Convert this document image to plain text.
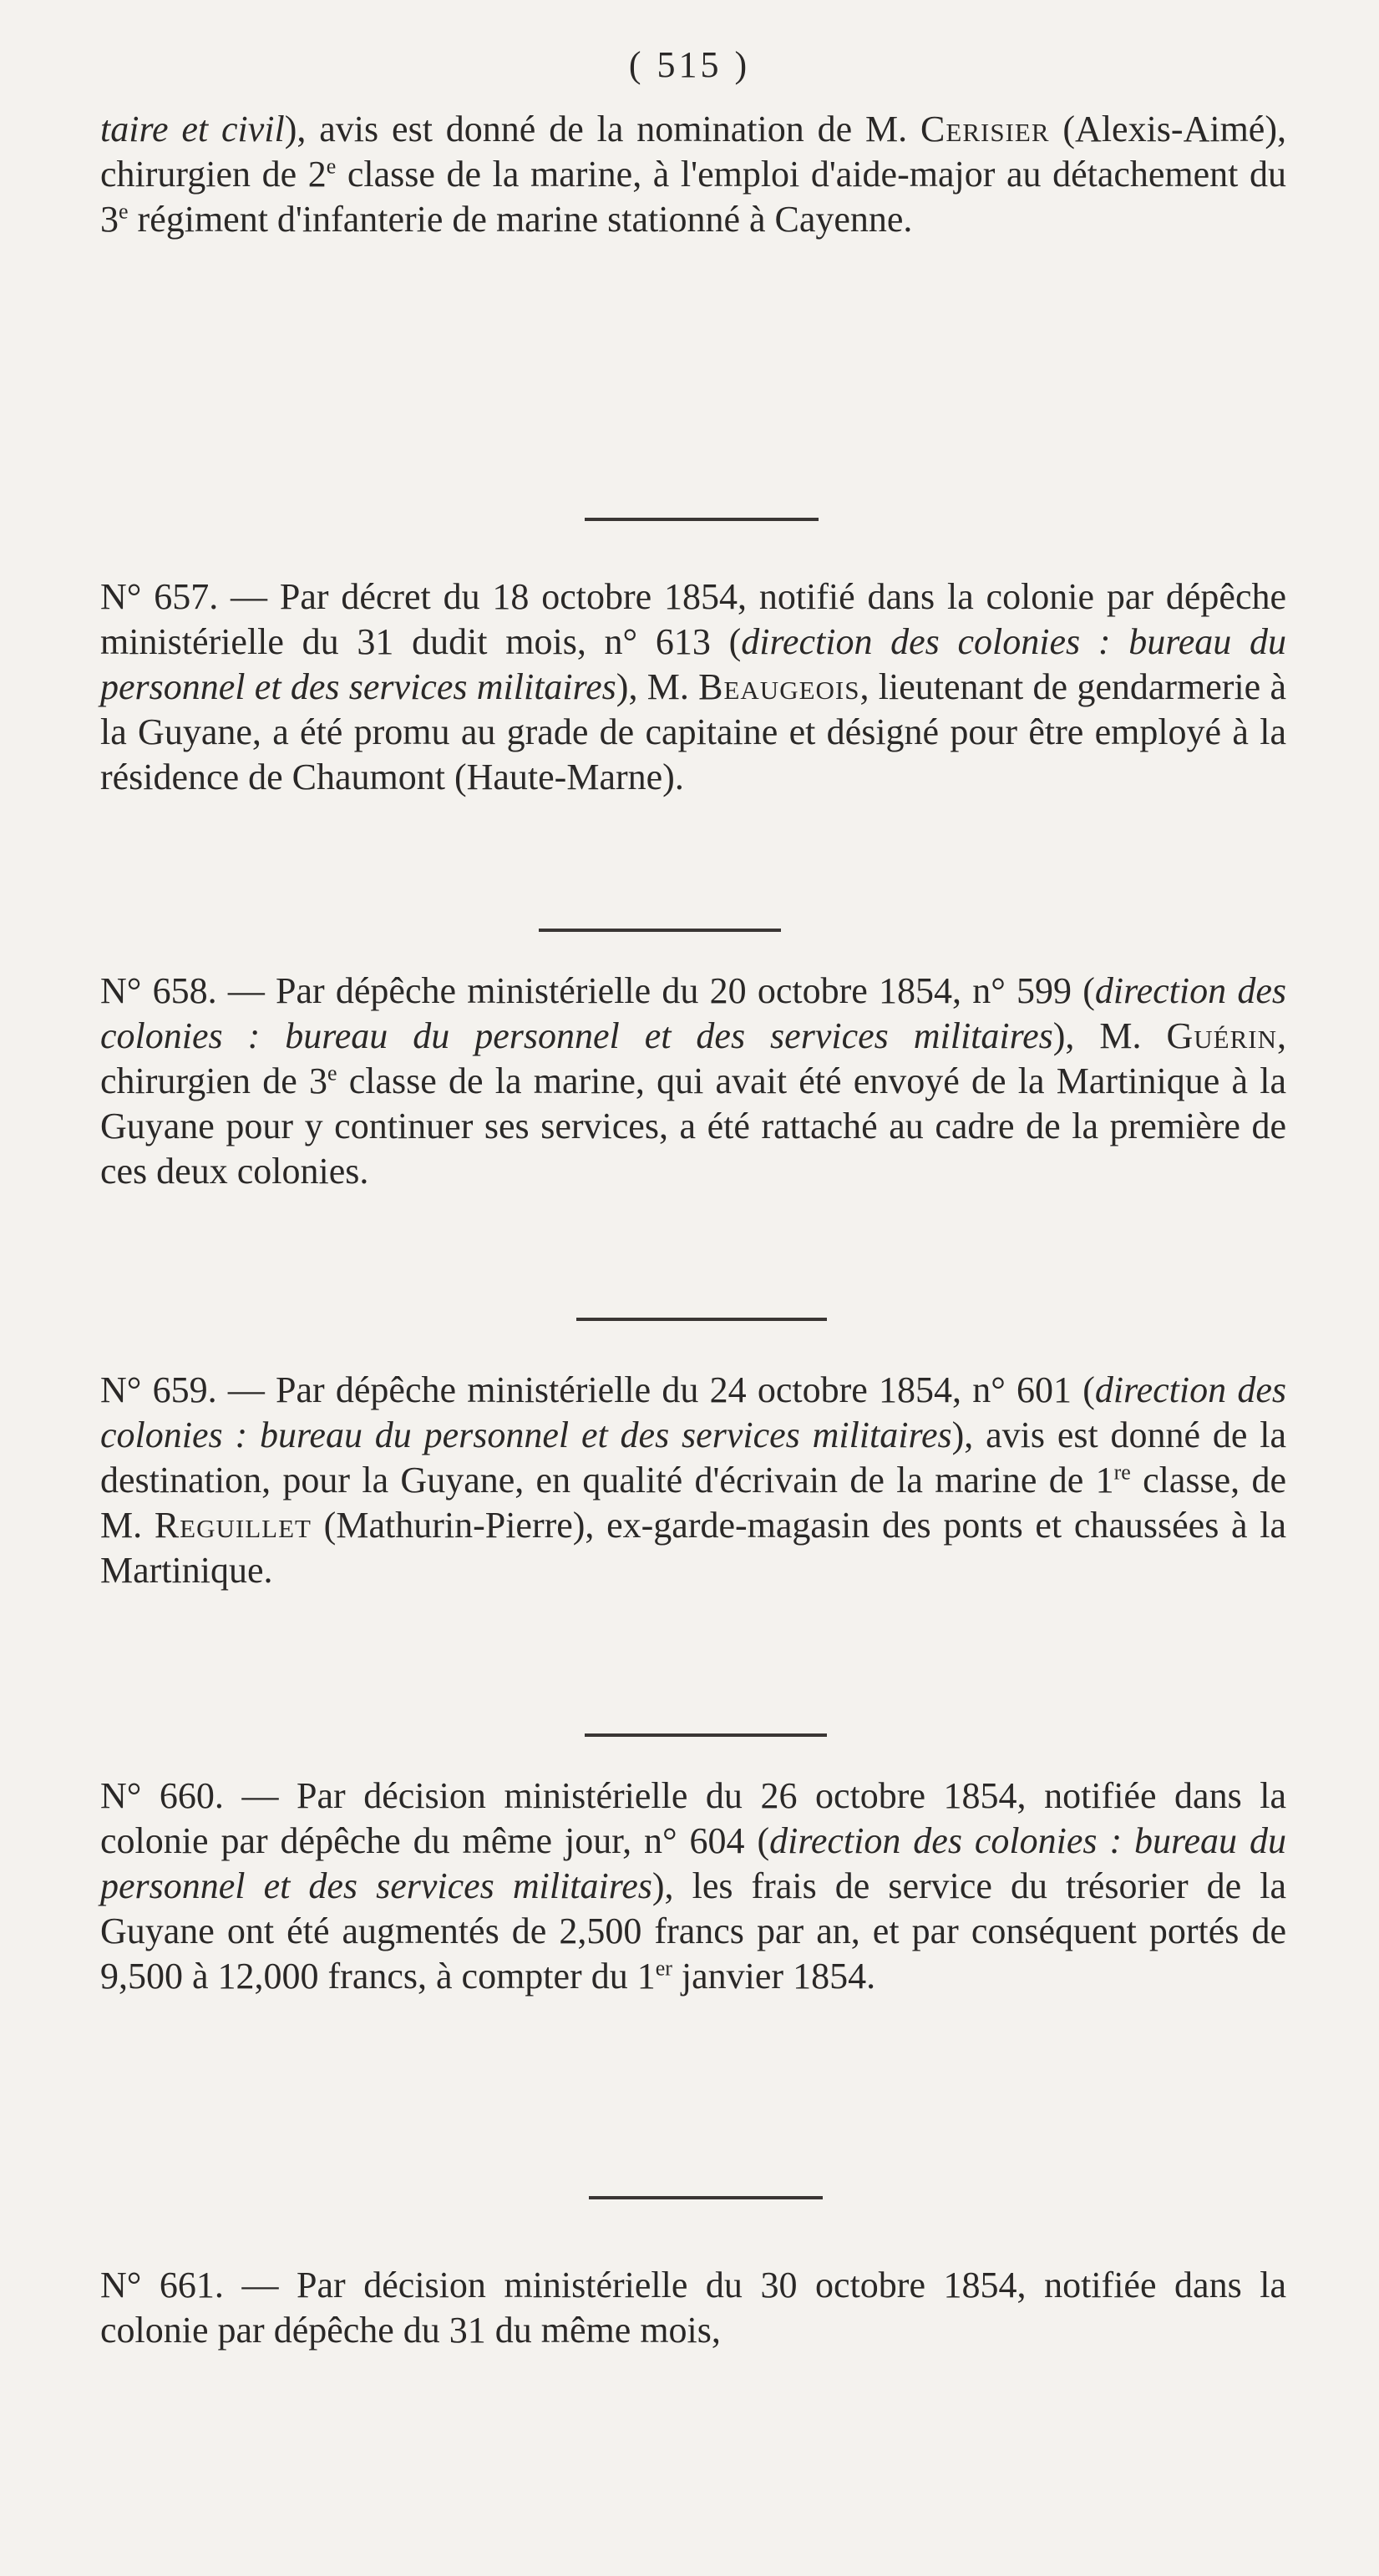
( 515 )
taire et civil), avis est donné de la nomination de M. Cerisier (Alexis-Aimé), chirurgien de 2e classe de la marine, à l'emploi d'aide-major au détachement du 3e régiment d'infanterie de marine stationné à Cayenne.
N° 657. — Par décret du 18 octobre 1854, notifié dans la colonie par dépêche ministérielle du 31 dudit mois, n° 613 (direction des colonies : bureau du personnel et des services militaires), M. Beaugeois, lieutenant de gendarmerie à la Guyane, a été promu au grade de capitaine et désigné pour être employé à la résidence de Chaumont (Haute-Marne).
N° 658. — Par dépêche ministérielle du 20 octobre 1854, n° 599 (direction des colonies : bureau du personnel et des services militaires), M. Guérin, chirurgien de 3e classe de la marine, qui avait été envoyé de la Martinique à la Guyane pour y continuer ses services, a été rattaché au cadre de la première de ces deux colonies.
N° 659. — Par dépêche ministérielle du 24 octobre 1854, n° 601 (direction des colonies : bureau du personnel et des services militaires), avis est donné de la destination, pour la Guyane, en qualité d'écrivain de la marine de 1re classe, de M. Reguillet (Mathurin-Pierre), ex-garde-magasin des ponts et chaussées à la Martinique.
N° 660. — Par décision ministérielle du 26 octobre 1854, notifiée dans la colonie par dépêche du même jour, n° 604 (direction des colonies : bureau du personnel et des services militaires), les frais de service du trésorier de la Guyane ont été augmentés de 2,500 francs par an, et par conséquent portés de 9,500 à 12,000 francs, à compter du 1er janvier 1854.
N° 661. — Par décision ministérielle du 30 octobre 1854, notifiée dans la colonie par dépêche du 31 du même mois,
